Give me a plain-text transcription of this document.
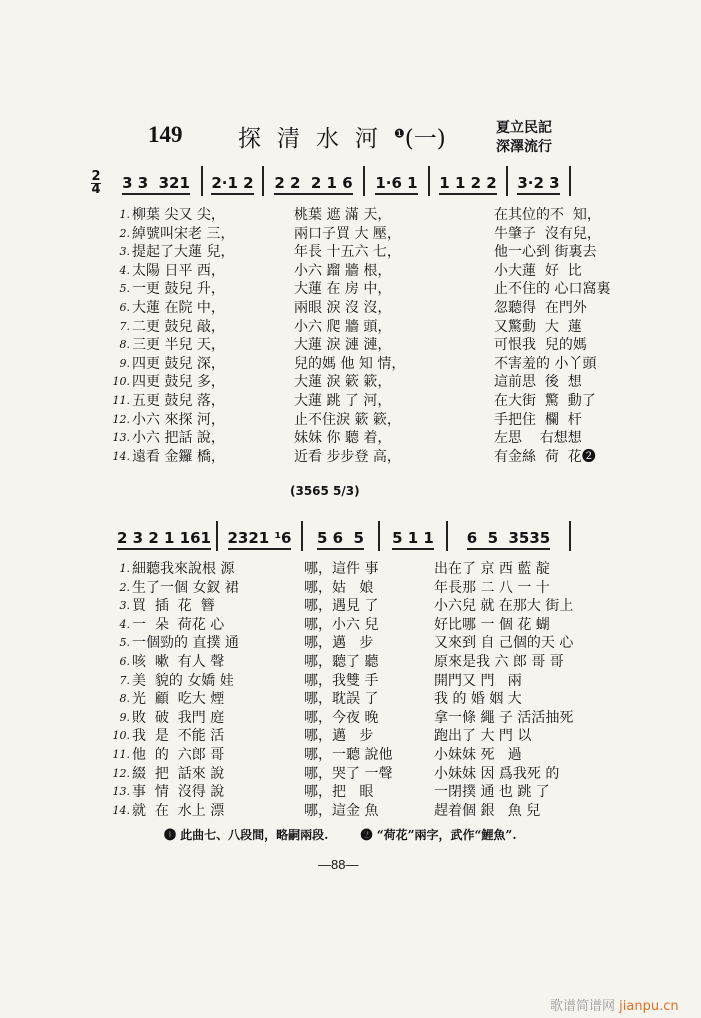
149 探清水河$^❶$(一)	夏立民記
深澤流行
2
4	3 3  321	2·1 2	2 2  2 1 6	1·6 1	1 1 2 2	3·2 3
1. 柳葉 尖又 尖，	桃葉 遮 滿 天，	在其位的不  知，
2. 綽號叫宋老 三，	兩口子買 大 壓，	牛肇子  沒有兒，
3. 提起了大蓮 兒，	年長 十五六 七，	他一心到 街裏去
4. 太陽 日平 西，	小六 蹓 牆 根，	小大蓮  好  比
5. 一更 鼓兒 升，	大蓮 在 房 中，	止不住的 心口窩裏
6. 大蓮 在院 中，	兩眼 淚 沒 沒，	忽聽得  在門外
7. 二更 鼓兒 敲，	小六 爬 牆 頭，	又驚動  大  蓮
8. 三更 半兒 天，	大蓮 淚 漣 漣，	可恨我  兒的媽
9. 四更 鼓兒 深，	兒的媽 他 知 情，	不害羞的 小丫頭
10. 四更 鼓兒 多，	大蓮 淚 簌 簌，	這前思  後  想
11. 五更 鼓兒 落，	大蓮 跳 了 河，	在大街  驚  動了
12. 小六 來探 河，	止不住淚 簌 簌，	手把住  欄  杆
13. 小六 把話 說，	妹妹 你 聽 着，	左思    右想想
14. 遠看 金鑼 橋，	近看 步步登 高，	有金絲  荷  花❷
(3565 5/3)
2 3 2 1 161	2321 ¹6	5 6  5	5 1 1	6  5  3535
1. 細聽我來說根 源	哪，這件 事	出在了 京 西 藍 靛
2. 生了一個 女釵 裙	哪，姑   娘	年長那 二 八 一 十
3. 買  插  花  簪	哪，遇見 了	小六兒 就 在那大 街上
4. 一  朵  荷花 心	哪，小六 兒	好比哪 一 個 花 蝴
5. 一個勁的 直撲 通	哪，邁   步	又來到 自 己個的天 心
6. 咳  嗽  有人 聲	哪，聽了 聽	原來是我 六 郎 哥 哥
7. 美  貌的 女嬌 娃	哪，我雙 手	開門又 門   兩
8. 光  顧  吃大 煙	哪，耽誤 了	我 的 婚 姻 大
9. 敗  破  我門 庭	哪，今夜 晚	拿一條 繩 子 活活抽死
10. 我  是  不能 活	哪，邁   步	跑出了 大 門 以
11. 他  的  六郎 哥	哪，一聽 說他	小妹妹 死   過
12. 綴  把  話來 說	哪，哭了 一聲	小妹妹 因 爲我死 的
13. 事  情  沒得 說	哪，把   眼	一閉撲 通 也 跳 了
14. 就  在  水上 漂	哪，這金 魚	趕着個 銀   魚 兒
❶ 此曲七、八段間，略嗣兩段.	❷ “荷花”兩字，武作“鯉魚”.
—88—
歌谱简谱网 jianpu.cn
